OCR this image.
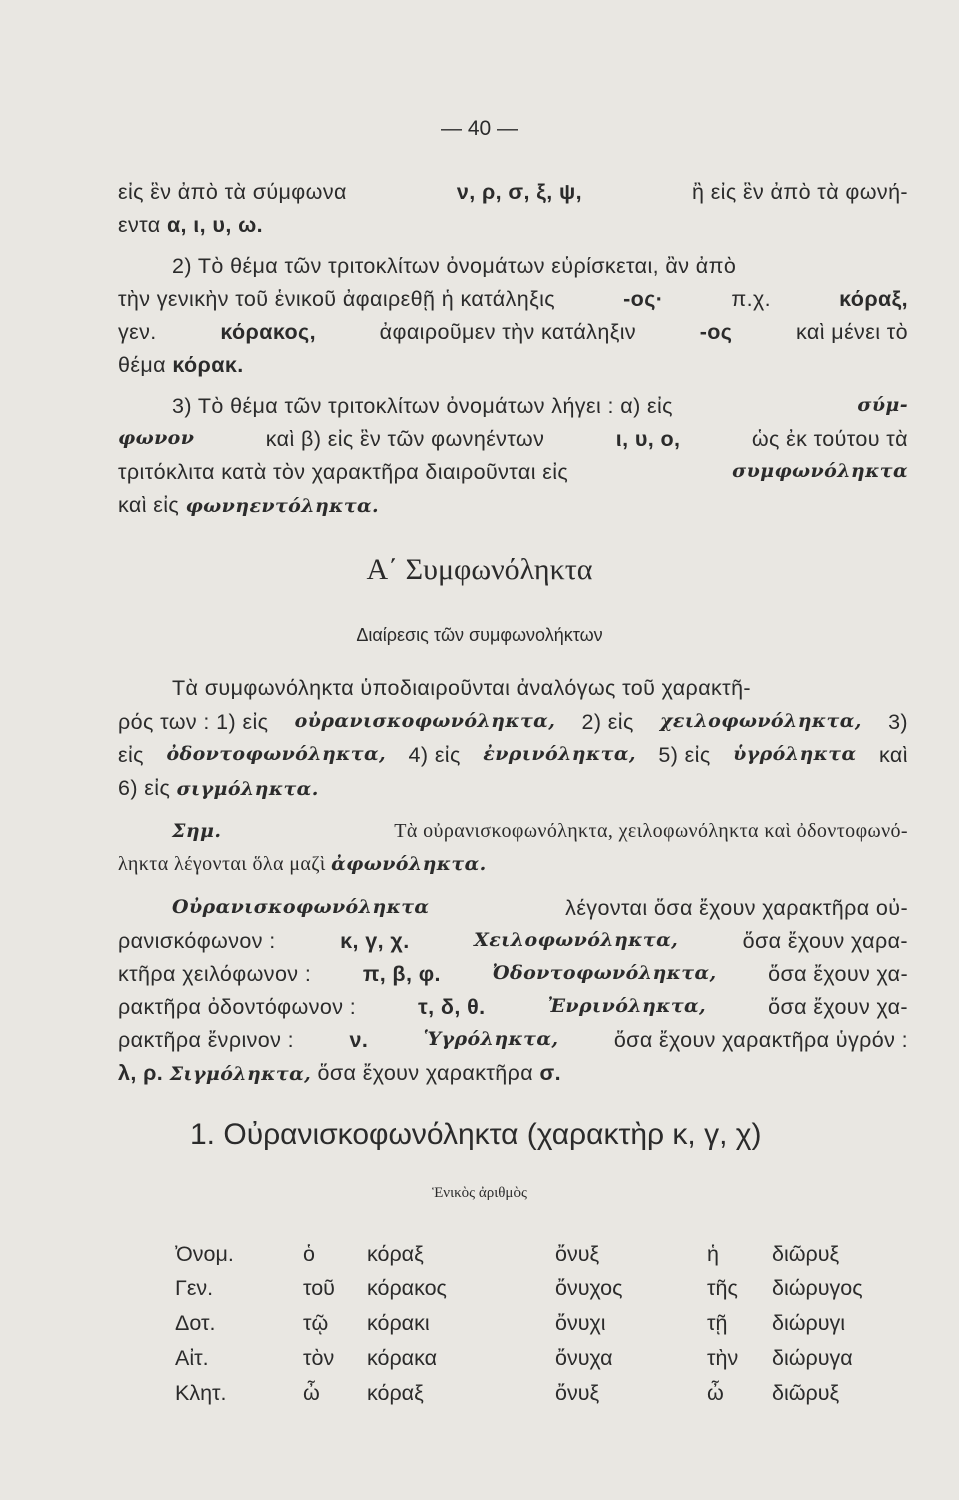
— 40 —
εἰς ἓν ἀπὸ τὰ σύμφωνα	ν, ρ, σ, ξ, ψ,	ἢ εἰς ἓν ἀπὸ τὰ φωνή-
εντα α, ι, υ, ω.
2) Τὸ θέμα τῶν τριτοκλίτων ὀνομάτων εὑρίσκεται, ἂν ἀπὸ
τὴν γενικὴν τοῦ ἑνικοῦ ἀφαιρεθῇ ἡ κατάληξις	-ος·	π.χ.	κόραξ,
γεν.	κόρακος,	ἀφαιροῦμεν τὴν κατάληξιν	-ος	καὶ μένει τὸ
θέμα κόρακ.
3) Τὸ θέμα τῶν τριτοκλίτων ὀνομάτων λήγει : α) εἰς	σύμ-
φωνον	καὶ β) εἰς ἓν τῶν φωνηέντων	ι, υ, ο,	ὡς ἐκ τούτου τὰ
τριτόκλιτα κατὰ τὸν χαρακτῆρα διαιροῦνται εἰς	συμφωνόληκτα
καὶ εἰς φωνηεντόληκτα.
Α΄ Συμφωνόληκτα
Διαίρεσις τῶν συμφωνολήκτων
Τὰ συμφωνόληκτα ὑποδιαιροῦνται ἀναλόγως τοῦ χαρακτῆ-
ρός των : 1) εἰς οὐρανισκοφωνόληκτα, 2) εἰς χειλοφωνόληκτα, 3)
εἰς ὀδοντοφωνόληκτα, 4) εἰς ἐνρινόληκτα, 5) εἰς ὑγρόληκτα καὶ
6) εἰς σιγμόληκτα.
Σημ.	Τὰ οὐρανισκοφωνόληκτα, χειλοφωνόληκτα καὶ ὀδοντοφωνό-
ληκτα λέγονται ὅλα μαζὶ ἀφωνόληκτα.
Οὐρανισκοφωνόληκτα	λέγονται ὅσα ἔχουν χαρακτῆρα οὐ-
ρανισκόφωνον :	κ, γ, χ.	Χειλοφωνόληκτα,	ὅσα ἔχουν χαρα-
κτῆρα χειλόφωνον : π, β, φ.	Ὀδοντοφωνόληκτα, ὅσα ἔχουν χα-
ρακτῆρα ὀδοντόφωνον :	τ, δ, θ.	Ἐνρινόληκτα,	ὅσα ἔχουν χα-
ρακτῆρα ἔνρινον :	ν.	Ὑγρόληκτα,	ὅσα ἔχουν χαρακτῆρα ὑγρόν :
λ, ρ. Σιγμόληκτα, ὅσα ἔχουν χαρακτῆρα σ.
1. Οὐρανισκοφωνόληκτα (χαρακτὴρ κ, γ, χ)
Ἑνικὸς ἀριθμὸς
Ὀνομ.	ὁ κόραξ	ὄνυξ	ἡ διῶρυξ
Γεν.	τοῦ κόρακος	ὄνυχος	τῆς διώρυγος
Δοτ.	τῷ κόρακι	ὄνυχι	τῇ διώρυγι
Αἰτ.	τὸν κόρακα	ὄνυχα	τὴν διώρυγα
Κλητ.	ὦ κόραξ	ὄνυξ	ὦ διῶρυξ
